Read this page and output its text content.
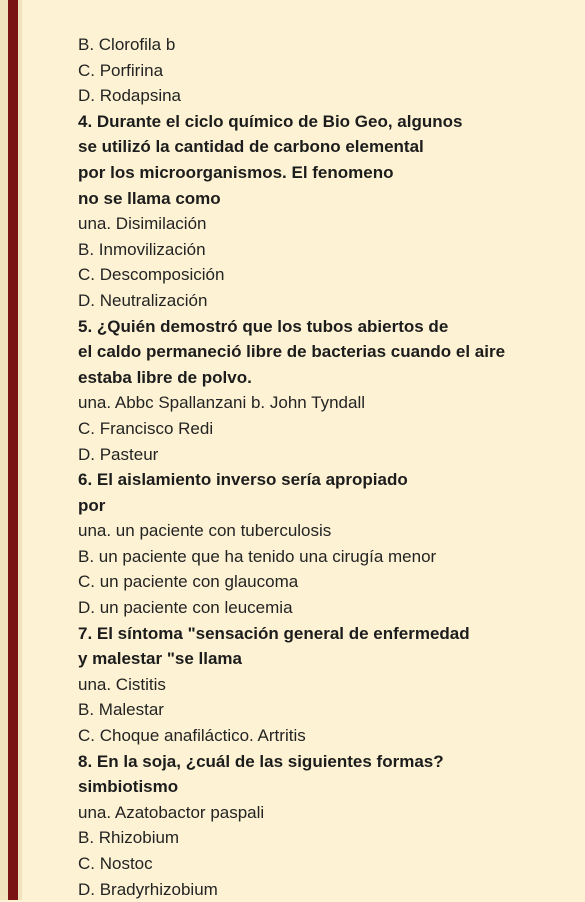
B. Clorofila b
C. Porfirina
D. Rodapsina
4. Durante el ciclo químico de Bio Geo, algunos
se utilizó la cantidad de carbono elemental
por los microorganismos. El fenomeno
no se llama como
una. Disimilación
B. Inmovilización
C. Descomposición
D. Neutralización
5. ¿Quién demostró que los tubos abiertos de
el caldo permaneció libre de bacterias cuando el aire
estaba libre de polvo.
una. Abbc Spallanzani b. John Tyndall
C. Francisco Redi
D. Pasteur
6. El aislamiento inverso sería apropiado
por
una. un paciente con tuberculosis
B. un paciente que ha tenido una cirugía menor
C. un paciente con glaucoma
D. un paciente con leucemia
7. El síntoma "sensación general de enfermedad
y malestar "se llama
una. Cistitis
B. Malestar
C. Choque anafiláctico. Artritis
8. En la soja, ¿cuál de las siguientes formas?
simbiotismo
una. Azatobactor paspali
B. Rhizobium
C. Nostoc
D. Bradyrhizobium
